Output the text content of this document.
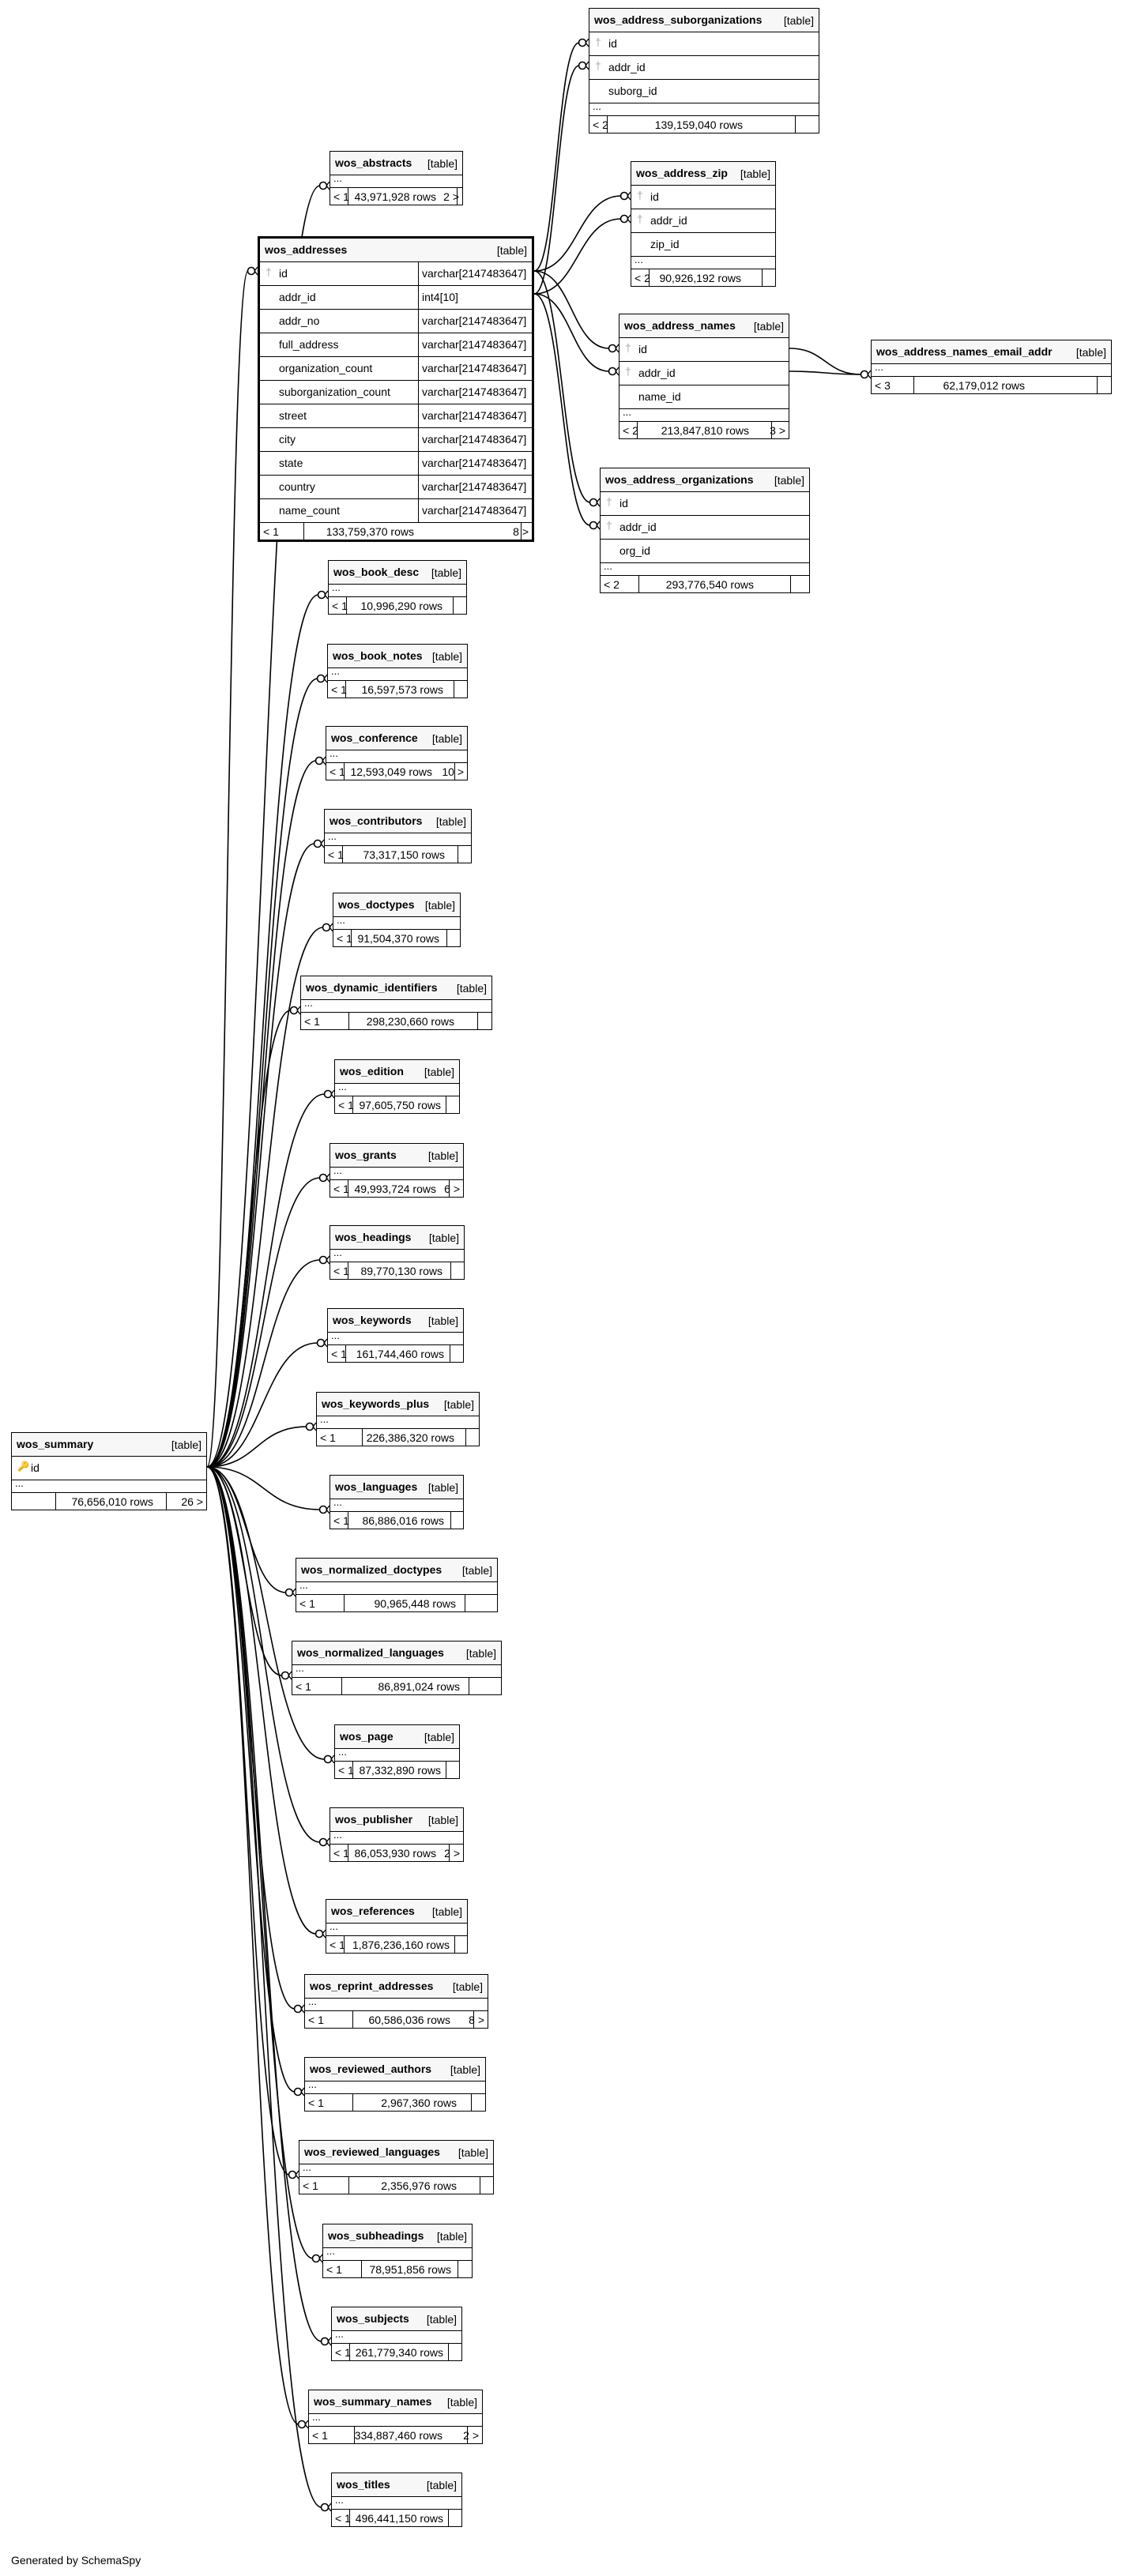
wos_address_suborganizations [table]
† id
† addr_id
suborg_id
...
< 2	139,159,040 rows
wos_abstracts [table]
...
< 1 43,971,928 rows 2 >
wos_addresses	[table]
† id	varchar[2147483647]
addr_id	int4[10]
addr_no	varchar[2147483647]
full_address	varchar[2147483647]
organization_count	varchar[2147483647]
suborganization_count	varchar[2147483647]
street	varchar[2147483647]
city	varchar[2147483647]
state	varchar[2147483647]
country	varchar[2147483647]
name_count	varchar[2147483647]
< 1	133,759,370 rows	8 >
wos_address_zip [table]
† id
† addr_id
zip_id
...
< 2 90,926,192 rows
wos_address_names [table]
† id
† addr_id
name_id
...
< 2 213,847,810 rows 3 >
wos_address_names_email_addr [table]
...
< 3	62,179,012 rows
wos_address_organizations [table]
† id
† addr_id
org_id
...
< 2	293,776,540 rows
wos_book_desc [table]
...
< 1 10,996,290 rows
wos_book_notes [table]
...
< 1 16,597,573 rows
wos_conference [table]
...
< 1 12,593,049 rows 10 >
wos_contributors [table]
...
< 1 73,317,150 rows
wos_doctypes [table]
...
< 1 91,504,370 rows
wos_dynamic_identifiers [table]
...
< 1	298,230,660 rows
wos_edition [table]
...
< 1 97,605,750 rows
wos_grants	[table]
...
< 1 49,993,724 rows 6 >
wos_headings [table]
...
< 1 89,770,130 rows
wos_keywords [table]
...
< 1 161,744,460 rows
wos_keywords_plus [table]
...
< 1	226,386,320 rows
wos_summary	[table]
🔑 id
...
76,656,010 rows	26 >
wos_languages [table]
...
< 1 86,886,016 rows
wos_normalized_doctypes [table]
...
< 1	90,965,448 rows
wos_normalized_languages [table]
...
< 1	86,891,024 rows
wos_page	[table]
...
< 1 87,332,890 rows
wos_publisher [table]
...
< 1 86,053,930 rows 2 >
wos_references [table]
...
< 1 1,876,236,160 rows
wos_reprint_addresses [table]
...
< 1	60,586,036 rows 8 >
wos_reviewed_authors [table]
...
< 1	2,967,360 rows
wos_reviewed_languages [table]
...
< 1	2,356,976 rows
wos_subheadings [table]
...
< 1 78,951,856 rows
wos_subjects [table]
...
< 1 261,779,340 rows
wos_summary_names [table]
...
< 1 334,887,460 rows 2 >
wos_titles	[table]
...
< 1 496,441,150 rows
Generated by SchemaSpy
